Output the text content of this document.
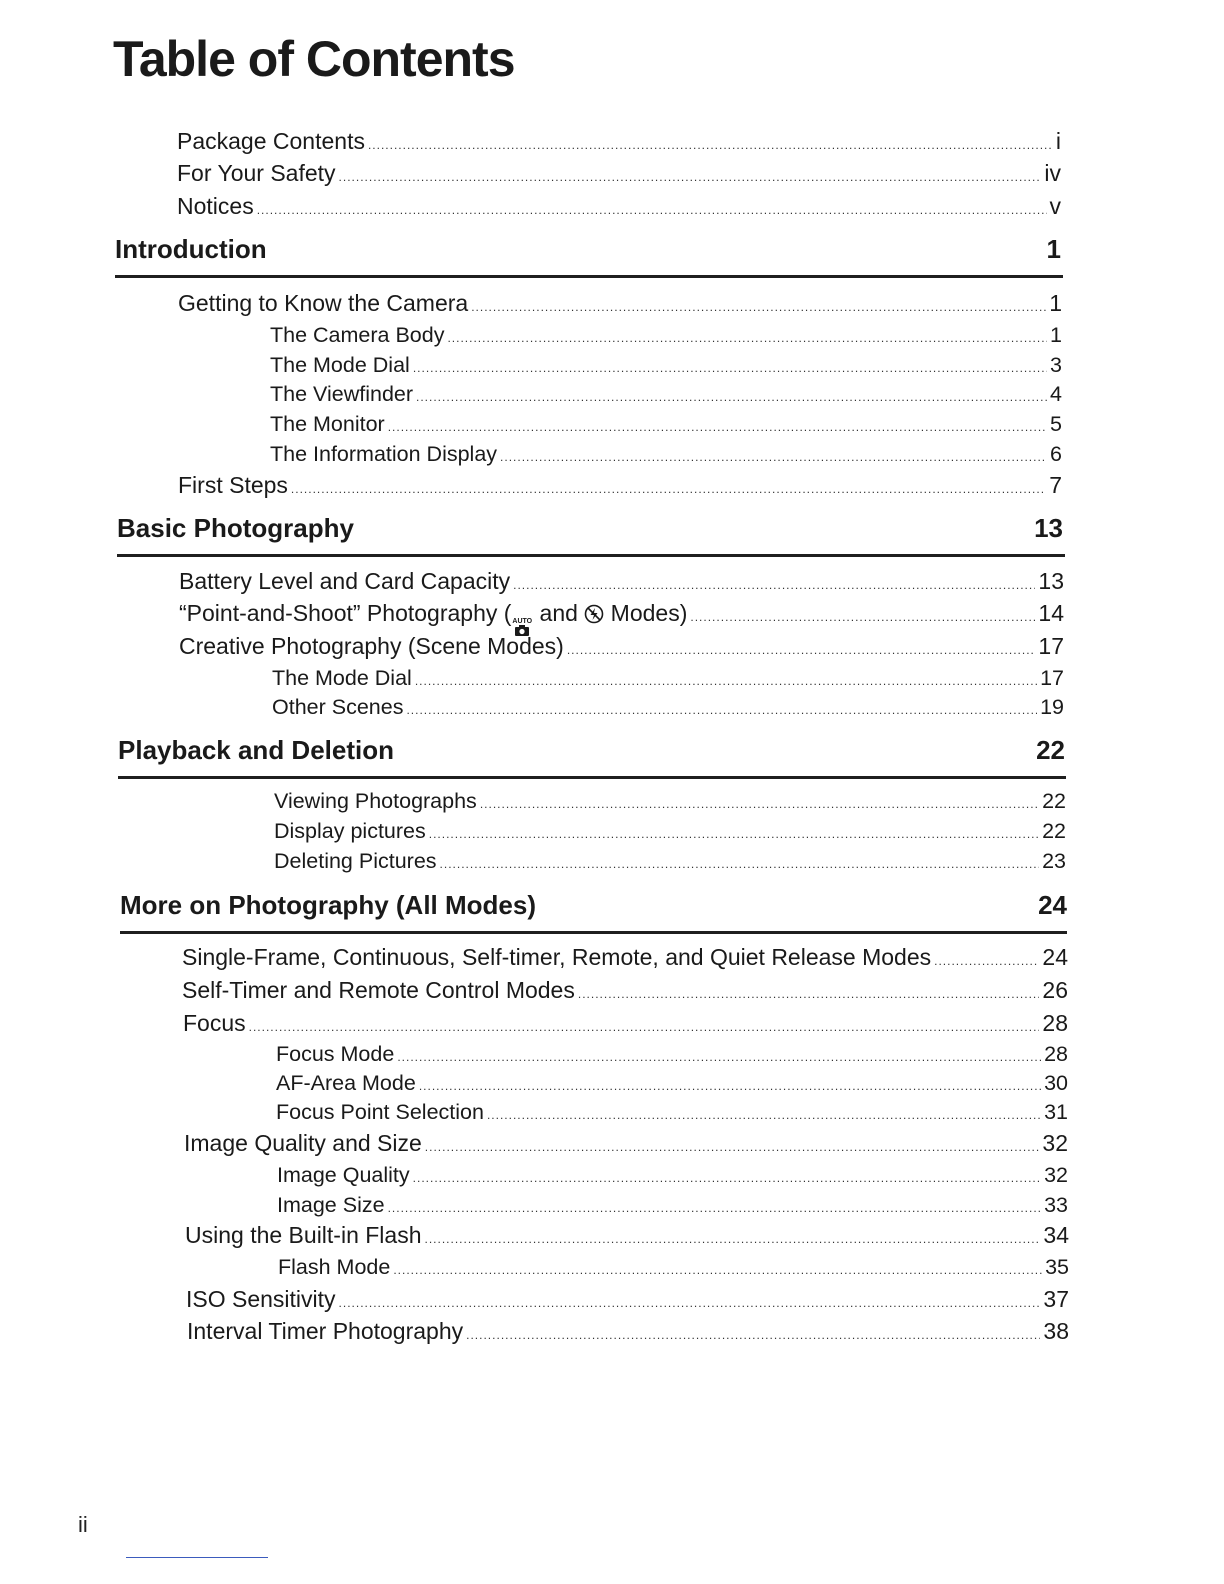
Table of Contents
Package Contents .....	i
For Your Safety .....	iv
Notices .....	v
Introduction	1
Getting to Know the Camera .....	1
The Camera Body .....	1
The Mode Dial .....	3
The Viewfinder .....	4
The Monitor .....	5
The Information Display .....	6
First Steps .....	7
Basic Photography	13
Battery Level and Card Capacity .....	13
“Point-and-Shoot” Photography ( AUTO and  Modes) .....	14
Creative Photography (Scene Modes) .....	17
The Mode Dial .....	17
Other Scenes .....	19
Playback and Deletion	22
Viewing Photographs .....	22
Display pictures .....	22
Deleting Pictures .....	23
More on Photography (All Modes)	24
Single-Frame, Continuous, Self-timer, Remote, and Quiet Release Modes .....	24
Self-Timer and Remote Control Modes .....	26
Focus .....	28
Focus Mode .....	28
AF-Area Mode .....	30
Focus Point Selection .....	31
Image Quality and Size .....	32
Image Quality .....	32
Image Size .....	33
Using the Built-in Flash .....	34
Flash Mode .....	35
ISO Sensitivity .....	37
Interval Timer Photography .....	38
ii
